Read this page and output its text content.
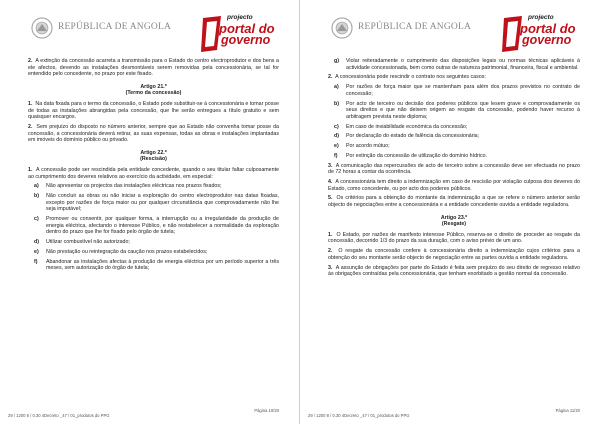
REPÚBLICA DE ANGOLA
projecto
portal do
governo

2. A extinção da concessão acarreta a transmissão para o Estado do centro electroprodutor e dos bens a ele afectos, devendo as instalações desmontáveis serem removidas pela concessionária, se tal for entendido pelo concedente, no prazo por este fixado.

Artigo 21.º
(Termo da concessão)

1. Na data fixada para o termo da concessão, o Estado pode substituir-se à concessionária e tomar posse de todas as instalações abrangidas pela concessão, que lhe serão entregues a título gratuito e sem quaisquer encargos.

2. Sem prejuízo do disposto no número anterior, sempre que ao Estado não convenha tomar posse da concessão, a concessionária deverá retirar, as suas expensas, todas as obras e instalações implantadas em imóveis do domínio público ou privado.

Artigo 22.º
(Rescisão)

1. A concessão pode ser rescindida pela entidade concedente, quando o seu titular faltar culposamente ao cumprimento dos deveres relativos ao exercício da actividade, em especial:

a)	Não apresentar os projectos das instalações eléctricas nos prazos fixados;
b)	Não concluir as obras ou não iniciar a exploração do centro electroprodutor nas datas fixadas, excepto por razões de força maior ou por qualquer circunstância que comprovadamente não lhe seja imputável;
c)	Promover ou consentir, por qualquer forma, a interrupção ou a irregularidade da produção de energia eléctrica, afectando o interesse Público, e não restabelecer a normalidade da exploração dentro do prazo que lhe for fixado pelo órgão de tutela;
d)	Utilizar combustível não autorizado;
e)	Não prestação ou reintegração da caução nos prazos estabelecidos;
f)	Abandonar as instalações afectas à produção de energia eléctrica por um período superior a três meses, sem autorização do órgão de tutela;
Página 10/20
29 / 1200 8 / 0.30 4Decreto _47 / 01_produtos do PPG
REPÚBLICA DE ANGOLA
projecto
portal do
governo
g)	Violar reiteradamente o cumprimento das disposições legais ou normas técnicas aplicáveis à actividade concessionada, bem como outras de natureza patrimonial, financeira, fiscal e ambiental.

2. A concessionária pode rescindir o contrato nos seguintes casos:

a)	Por razões de força maior que se mantenham para além dos prazos previstos no contrato de concessão;
b)	Por acto de terceiro ou decisão dos poderes públicos que lesem grave e comprovadamente os seus direitos e que não deixem origem ao resgate da concessão, podendo haver recurso à arbitragem prevista neste diploma;
c)	Em caso de inviabilidade económica da concessão;
d)	Por declaração do estado de falência da concessionária;
e)	Por acordo mútuo;
f)	Por extinção da concessão de utilização do domínio hídrico.

3. A comunicação das repercussões de acto de terceiro sobre a concessão deve ser efectuada no prazo de 72 horas a contar da ocorrência.

4. A concessionária tem direito a indemnização em caso de rescisão por violação culposa dos deveres do Estado, como concedente, ou por acto dos poderes públicos.

5. Os critérios para a obtenção do montante da indemnização a que se refere o número anterior serão objecto de negociações entre a concessionária e a entidade concedente ouvida a entidade reguladora.

Artigo 23.º
(Resgate)

1. O Estado, por razões de manifesto interesse Público, reserva-se o direito de proceder ao resgate da concessão, decorrido 1/3 do prazo da sua duração, com o aviso prévio de um ano.

2. O resgate da concessão confere à concessionária direito a indemnização cujos critérios para a obtenção do seu montante serão objecto de negociação entre as partes ouvida a entidade reguladora.

3. A assunção de obrigações por parte do Estado é feita sem prejuízo do seu direito de regresso relativo às obrigações contraídas pela concessionária, que tenham exorbitado a gestão normal da concessão.

Página 11/20
29 / 1200 8 / 0.30 4Decreto _47 / 01_produtos do PPG
